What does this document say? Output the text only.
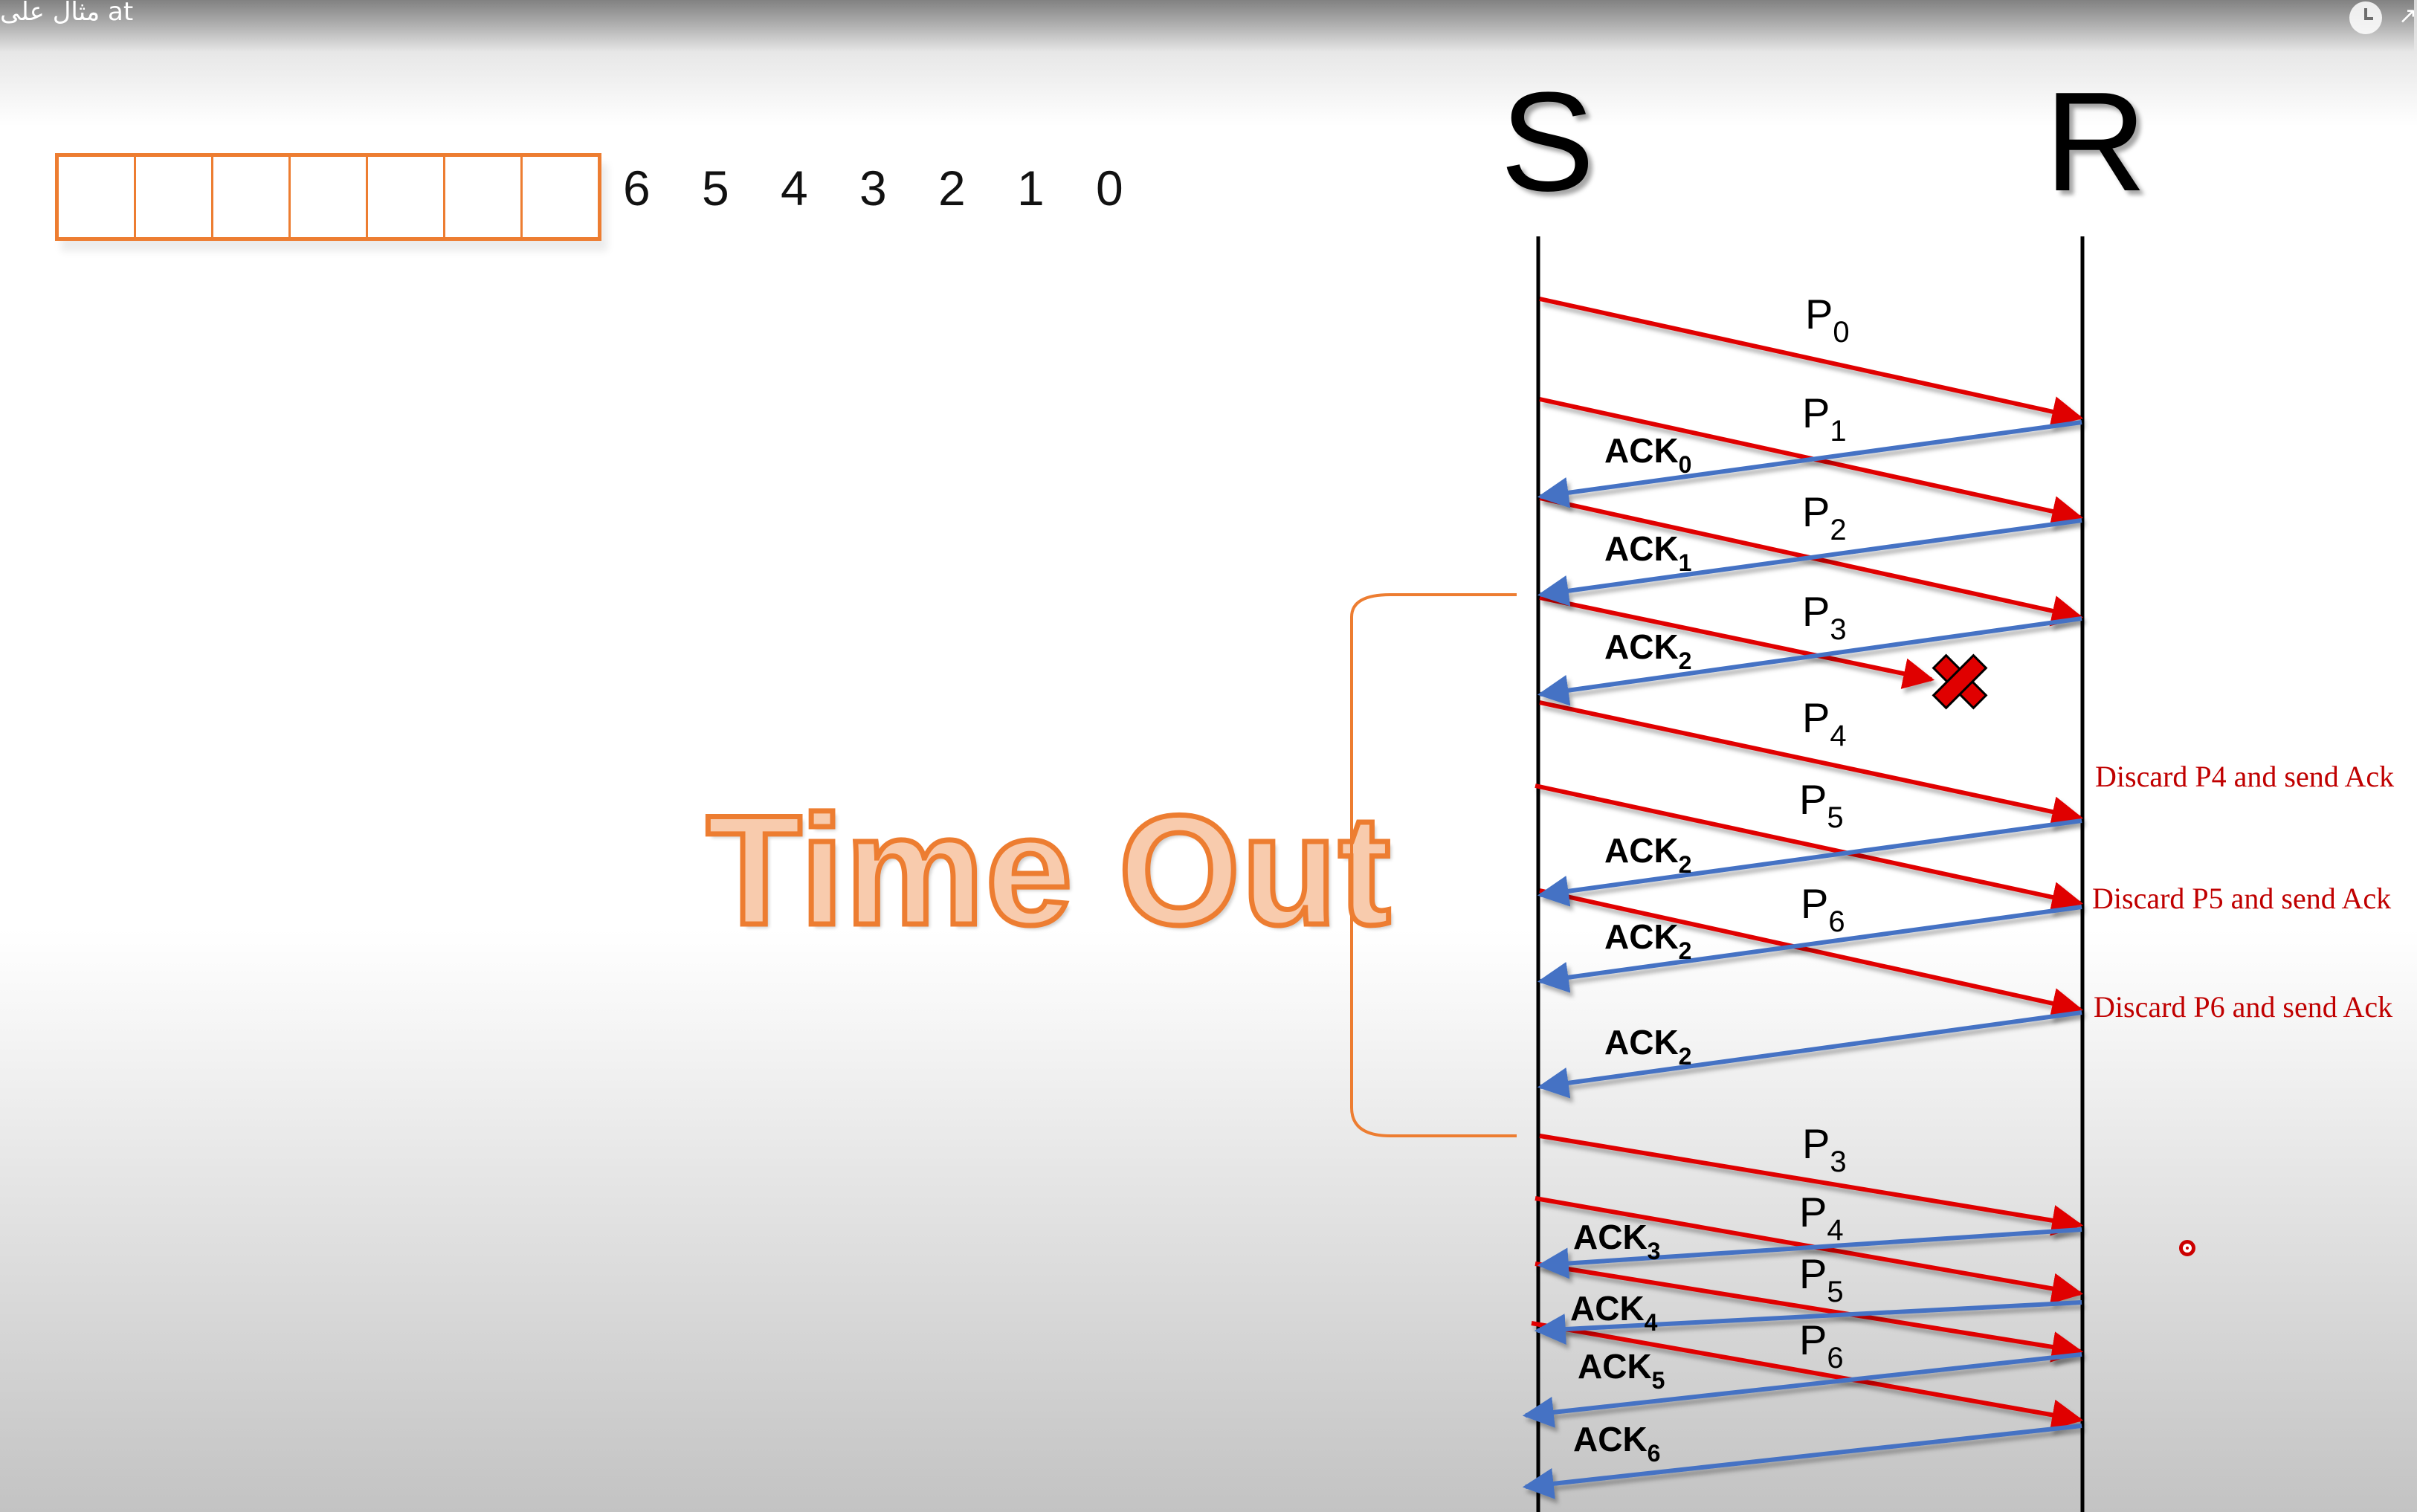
مثال على at	↗
6	5	4	3	2	1	0	S	R
Time Out
$P_0$
$P_1$
$P_2$
$P_3$
$P_4$
$P_5$
$P_6$
$P_3$
$P_4$
$P_5$
$P_6$
$ACK_0$
$ACK_1$
$ACK_2$
$ACK_2$
$ACK_2$
$ACK_2$
$ACK_3$
$ACK_4$
$ACK_5$
$ACK_6$
Discard P4 and send Ack
Discard P5 and send Ack
Discard P6 and send Ack
